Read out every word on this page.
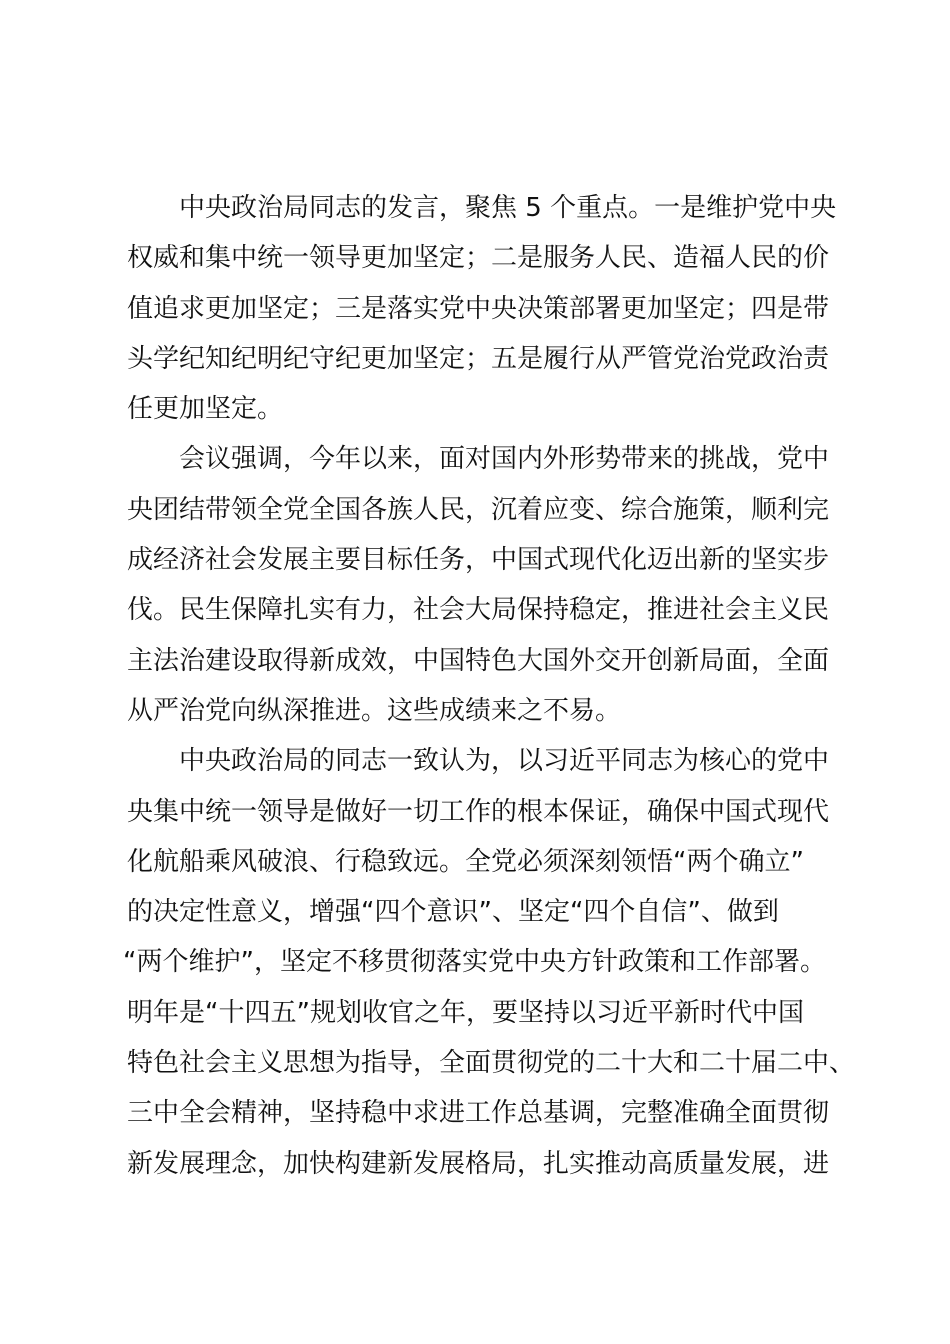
中央政治局同志的发言，聚焦 5 个重点。一是维护党中央
权威和集中统一领导更加坚定；二是服务人民、造福人民的价
值追求更加坚定；三是落实党中央决策部署更加坚定；四是带
头学纪知纪明纪守纪更加坚定；五是履行从严管党治党政治责
任更加坚定。
会议强调，今年以来，面对国内外形势带来的挑战，党中
央团结带领全党全国各族人民，沉着应变、综合施策，顺利完
成经济社会发展主要目标任务，中国式现代化迈出新的坚实步
伐。民生保障扎实有力，社会大局保持稳定，推进社会主义民
主法治建设取得新成效，中国特色大国外交开创新局面，全面
从严治党向纵深推进。这些成绩来之不易。
中央政治局的同志一致认为，以习近平同志为核心的党中
央集中统一领导是做好一切工作的根本保证，确保中国式现代
化航船乘风破浪、行稳致远。全党必须深刻领悟“两个确立”
的决定性意义，增强“四个意识”、坚定“四个自信”、做到
“两个维护”，坚定不移贯彻落实党中央方针政策和工作部署。
明年是“十四五”规划收官之年，要坚持以习近平新时代中国
特色社会主义思想为指导，全面贯彻党的二十大和二十届二中、
三中全会精神，坚持稳中求进工作总基调，完整准确全面贯彻
新发展理念，加快构建新发展格局，扎实推动高质量发展，进
